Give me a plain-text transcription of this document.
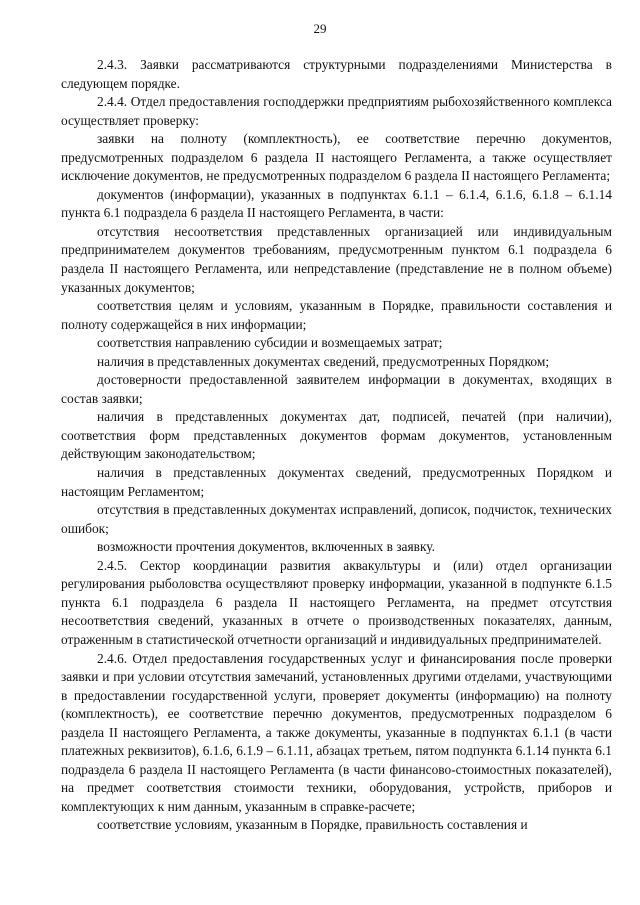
29

2.4.3. Заявки рассматриваются структурными подразделениями Министерства в следующем порядке.

2.4.4. Отдел предоставления господдержки предприятиям рыбохозяйственного комплекса осуществляет проверку:

заявки на полноту (комплектность), ее соответствие перечню документов, предусмотренных подразделом 6 раздела II настоящего Регламента, а также осуществляет исключение документов, не предусмотренных подразделом 6 раздела II настоящего Регламента;

документов (информации), указанных в подпунктах 6.1.1 – 6.1.4, 6.1.6, 6.1.8 – 6.1.14 пункта 6.1 подраздела 6 раздела II настоящего Регламента, в части:

отсутствия несоответствия представленных организацией или индивидуальным предпринимателем документов требованиям, предусмотренным пунктом 6.1 подраздела 6 раздела II настоящего Регламента, или непредставление (представление не в полном объеме) указанных документов;

соответствия целям и условиям, указанным в Порядке, правильности составления и полноту содержащейся в них информации;

соответствия направлению субсидии и возмещаемых затрат;

наличия в представленных документах сведений, предусмотренных Порядком;

достоверности предоставленной заявителем информации в документах, входящих в состав заявки;

наличия в представленных документах дат, подписей, печатей (при наличии), соответствия форм представленных документов формам документов, установленным действующим законодательством;

наличия в представленных документах сведений, предусмотренных Порядком и настоящим Регламентом;

отсутствия в представленных документах исправлений, дописок, подчисток, технических ошибок;

возможности прочтения документов, включенных в заявку.

2.4.5. Сектор координации развития аквакультуры и (или) отдел организации регулирования рыболовства осуществляют проверку информации, указанной в подпункте 6.1.5 пункта 6.1 подраздела 6 раздела II настоящего Регламента, на предмет отсутствия несоответствия сведений, указанных в отчете о производственных показателях, данным, отраженным в статистической отчетности организаций и индивидуальных предпринимателей.

2.4.6. Отдел предоставления государственных услуг и финансирования после проверки заявки и при условии отсутствия замечаний, установленных другими отделами, участвующими в предоставлении государственной услуги, проверяет документы (информацию) на полноту (комплектность), ее соответствие перечню документов, предусмотренных подразделом 6 раздела II настоящего Регламента, а также документы, указанные в подпунктах 6.1.1 (в части платежных реквизитов), 6.1.6, 6.1.9 – 6.1.11, абзацах третьем, пятом подпункта 6.1.14 пункта 6.1 подраздела 6 раздела II настоящего Регламента (в части финансово-стоимостных показателей), на предмет соответствия стоимости техники, оборудования, устройств, приборов и комплектующих к ним данным, указанным в справке-расчете;

соответствие условиям, указанным в Порядке, правильность составления и
